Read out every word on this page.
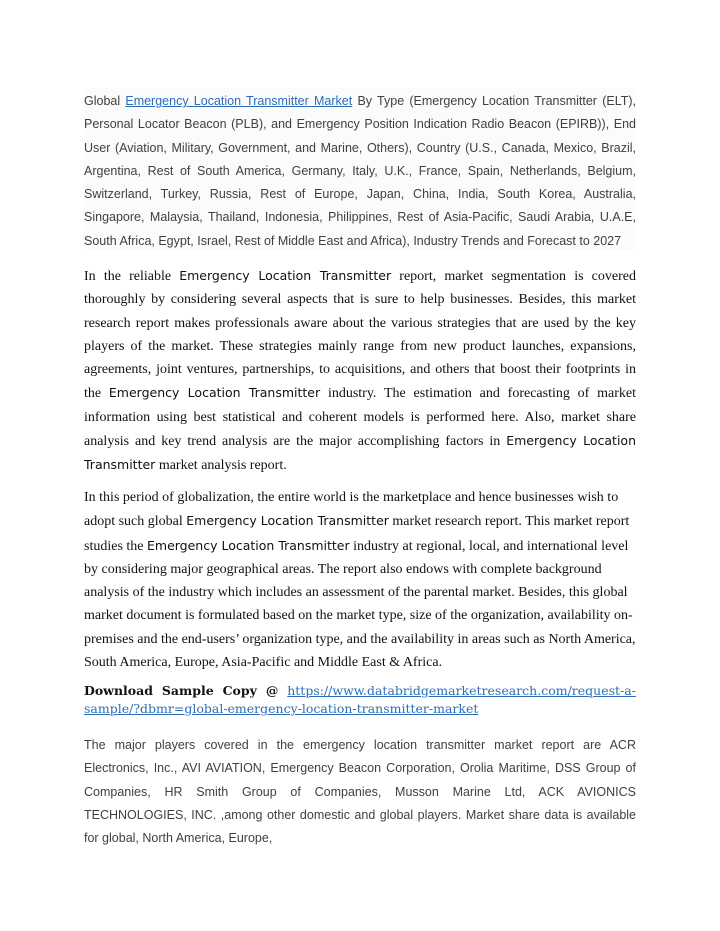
Global Emergency Location Transmitter Market By Type (Emergency Location Transmitter (ELT), Personal Locator Beacon (PLB), and Emergency Position Indication Radio Beacon (EPIRB)), End User (Aviation, Military, Government, and Marine, Others), Country (U.S., Canada, Mexico, Brazil, Argentina, Rest of South America, Germany, Italy, U.K., France, Spain, Netherlands, Belgium, Switzerland, Turkey, Russia, Rest of Europe, Japan, China, India, South Korea, Australia, Singapore, Malaysia, Thailand, Indonesia, Philippines, Rest of Asia-Pacific, Saudi Arabia, U.A.E, South Africa, Egypt, Israel, Rest of Middle East and Africa), Industry Trends and Forecast to 2027

In the reliable Emergency Location Transmitter report, market segmentation is covered thoroughly by considering several aspects that is sure to help businesses. Besides, this market research report makes professionals aware about the various strategies that are used by the key players of the market. These strategies mainly range from new product launches, expansions, agreements, joint ventures, partnerships, to acquisitions, and others that boost their footprints in the Emergency Location Transmitter industry. The estimation and forecasting of market information using best statistical and coherent models is performed here. Also, market share analysis and key trend analysis are the major accomplishing factors in Emergency Location Transmitter market analysis report.

In this period of globalization, the entire world is the marketplace and hence businesses wish to adopt such global Emergency Location Transmitter market research report. This market report studies the Emergency Location Transmitter industry at regional, local, and international level by considering major geographical areas. The report also endows with complete background analysis of the industry which includes an assessment of the parental market. Besides, this global market document is formulated based on the market type, size of the organization, availability on-premises and the end-users’ organization type, and the availability in areas such as North America, South America, Europe, Asia-Pacific and Middle East & Africa.

Download Sample Copy @ https://www.databridgemarketresearch.com/request-a-
sample/?dbmr=global-emergency-location-transmitter-market

The major players covered in the emergency location transmitter market report are ACR Electronics, Inc., AVI AVIATION, Emergency Beacon Corporation, Orolia Maritime, DSS Group of Companies, HR Smith Group of Companies, Musson Marine Ltd, ACK AVIONICS TECHNOLOGIES, INC. ,among other domestic and global players. Market share data is available for global, North America, Europe,
